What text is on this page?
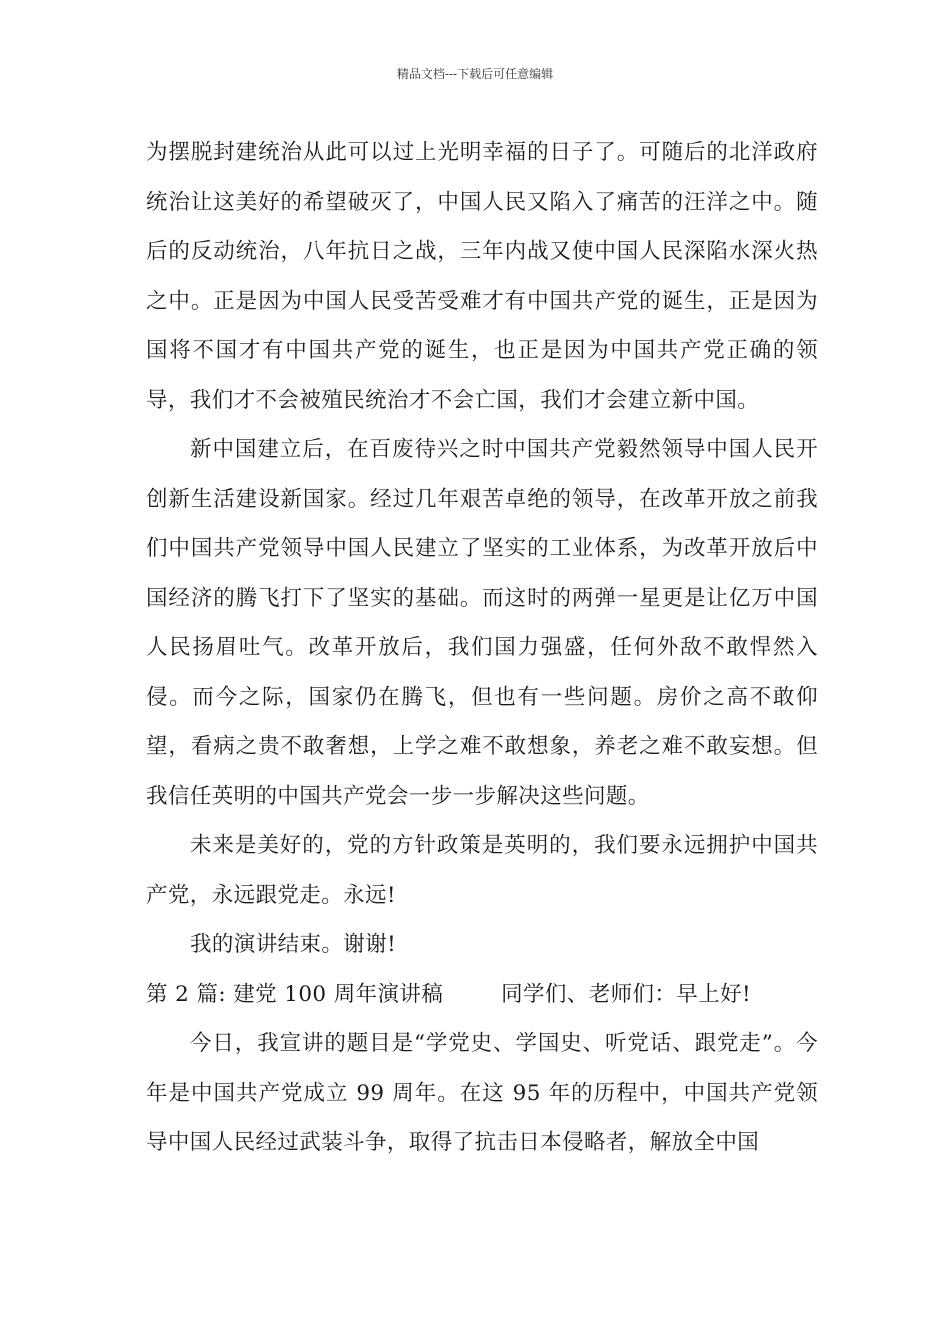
精品文档---下载后可任意编辑

为摆脱封建统治从此可以过上光明幸福的日子了。可随后的北洋政府统治让这美好的希望破灭了，中国人民又陷入了痛苦的汪洋之中。随后的反动统治，八年抗日之战，三年内战又使中国人民深陷水深火热之中。正是因为中国人民受苦受难才有中国共产党的诞生，正是因为国将不国才有中国共产党的诞生，也正是因为中国共产党正确的领导，我们才不会被殖民统治才不会亡国，我们才会建立新中国。

新中国建立后，在百废待兴之时中国共产党毅然领导中国人民开创新生活建设新国家。经过几年艰苦卓绝的领导，在改革开放之前我们中国共产党领导中国人民建立了坚实的工业体系，为改革开放后中国经济的腾飞打下了坚实的基础。而这时的两弹一星更是让亿万中国人民扬眉吐气。改革开放后，我们国力强盛，任何外敌不敢悍然入侵。而今之际，国家仍在腾飞，但也有一些问题。房价之高不敢仰望，看病之贵不敢奢想，上学之难不敢想象，养老之难不敢妄想。但我信任英明的中国共产党会一步一步解决这些问题。

未来是美好的，党的方针政策是英明的，我们要永远拥护中国共产党，永远跟党走。永远!

我的演讲结束。谢谢!

第 2 篇: 建党 100 周年演讲稿        同学们、老师们：早上好!

今日，我宣讲的题目是“学党史、学国史、听党话、跟党走”。今年是中国共产党成立 99 周年。在这 95 年的历程中，中国共产党领导中国人民经过武装斗争，取得了抗击日本侵略者，解放全中国
